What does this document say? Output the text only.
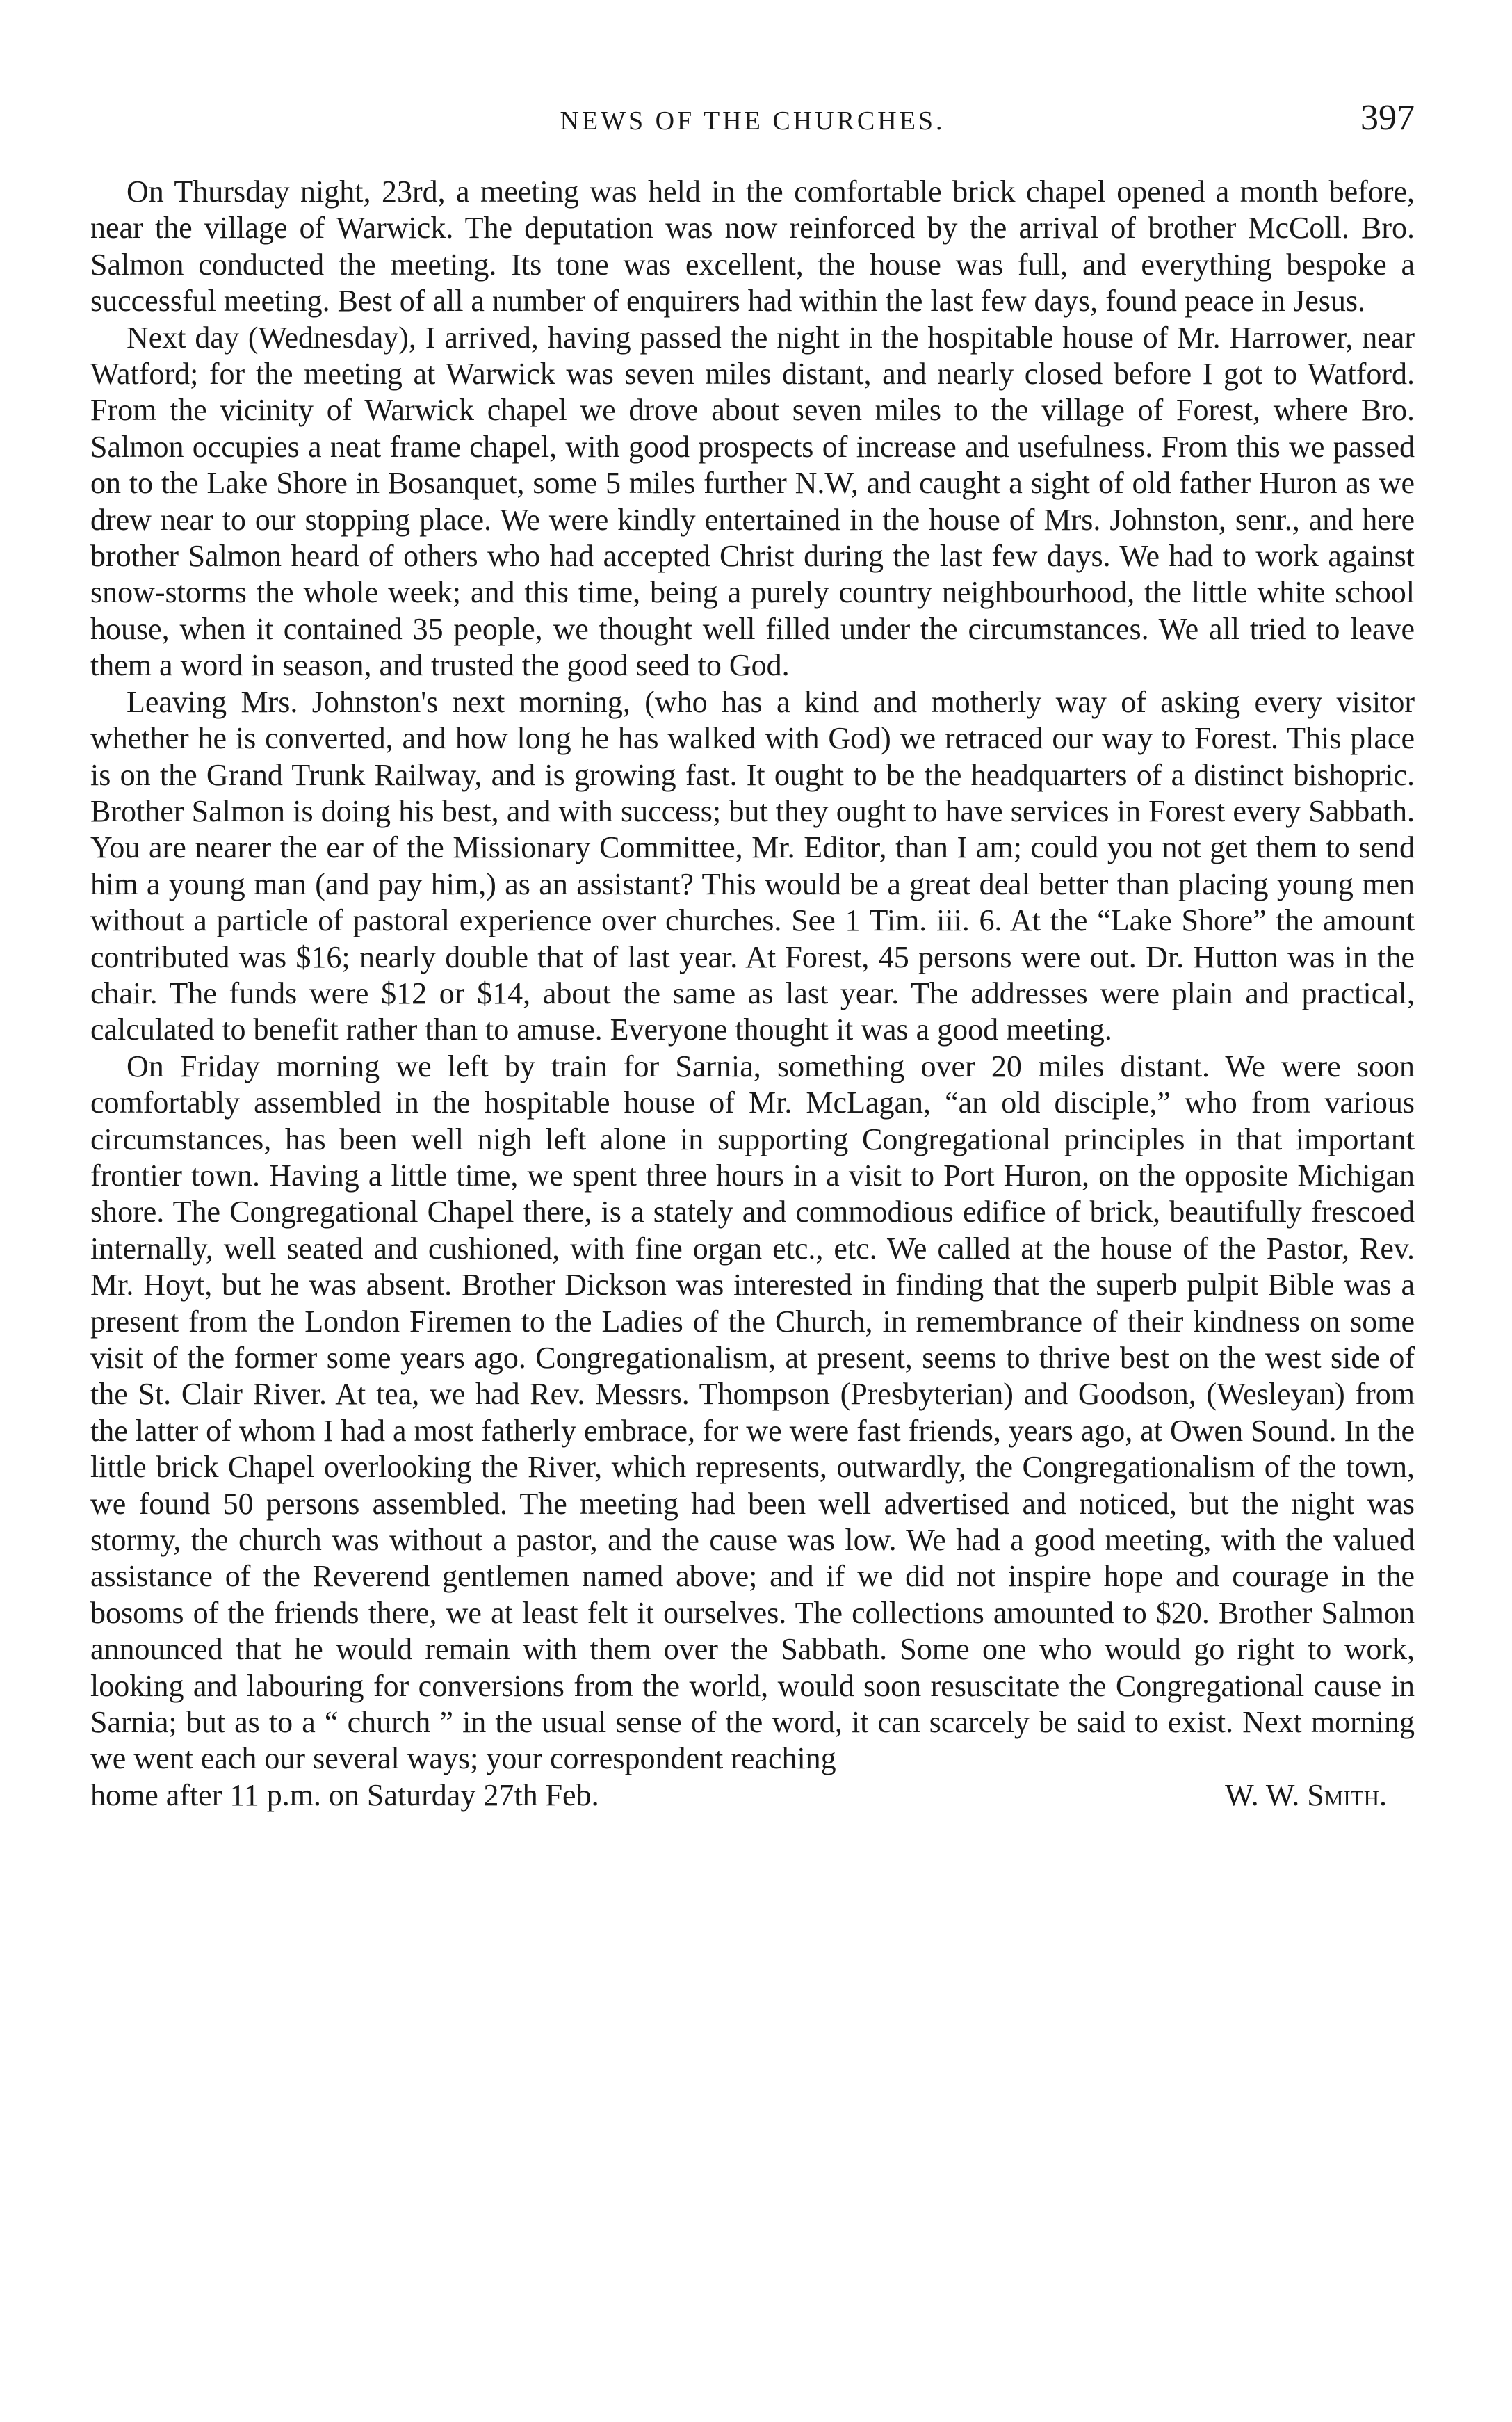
NEWS OF THE CHURCHES.	397

On Thursday night, 23rd, a meeting was held in the comfortable brick chapel opened a month before, near the village of Warwick. The deputation was now reinforced by the arrival of brother McColl. Bro. Salmon conducted the meeting. Its tone was excellent, the house was full, and everything bespoke a successful meeting. Best of all a number of enquirers had within the last few days, found peace in Jesus.

Next day (Wednesday), I arrived, having passed the night in the hospitable house of Mr. Harrower, near Watford; for the meeting at Warwick was seven miles distant, and nearly closed before I got to Watford. From the vicinity of Warwick chapel we drove about seven miles to the village of Forest, where Bro. Salmon occupies a neat frame chapel, with good prospects of increase and usefulness. From this we passed on to the Lake Shore in Bosanquet, some 5 miles further N.W, and caught a sight of old father Huron as we drew near to our stopping place. We were kindly entertained in the house of Mrs. Johnston, senr., and here brother Salmon heard of others who had accepted Christ during the last few days. We had to work against snow-storms the whole week; and this time, being a purely country neighbourhood, the little white school house, when it contained 35 people, we thought well filled under the circumstances. We all tried to leave them a word in season, and trusted the good seed to God.

Leaving Mrs. Johnston's next morning, (who has a kind and motherly way of asking every visitor whether he is converted, and how long he has walked with God) we retraced our way to Forest. This place is on the Grand Trunk Railway, and is growing fast. It ought to be the headquarters of a distinct bishopric. Brother Salmon is doing his best, and with success; but they ought to have services in Forest every Sabbath. You are nearer the ear of the Missionary Committee, Mr. Editor, than I am; could you not get them to send him a young man (and pay him,) as an assistant? This would be a great deal better than placing young men without a particle of pastoral experience over churches. See 1 Tim. iii. 6. At the “Lake Shore” the amount contributed was $16; nearly double that of last year. At Forest, 45 persons were out. Dr. Hutton was in the chair. The funds were $12 or $14, about the same as last year. The addresses were plain and practical, calculated to benefit rather than to amuse. Everyone thought it was a good meeting.

On Friday morning we left by train for Sarnia, something over 20 miles distant. We were soon comfortably assembled in the hospitable house of Mr. McLagan, “an old disciple,” who from various circumstances, has been well nigh left alone in supporting Congregational principles in that important frontier town. Having a little time, we spent three hours in a visit to Port Huron, on the opposite Michigan shore. The Congregational Chapel there, is a stately and commodious edifice of brick, beautifully frescoed internally, well seated and cushioned, with fine organ etc., etc. We called at the house of the Pastor, Rev. Mr. Hoyt, but he was absent. Brother Dickson was interested in finding that the superb pulpit Bible was a present from the London Firemen to the Ladies of the Church, in remembrance of their kindness on some visit of the former some years ago. Congregationalism, at present, seems to thrive best on the west side of the St. Clair River. At tea, we had Rev. Messrs. Thompson (Presbyterian) and Goodson, (Wesleyan) from the latter of whom I had a most fatherly embrace, for we were fast friends, years ago, at Owen Sound. In the little brick Chapel overlooking the River, which represents, outwardly, the Congregationalism of the town, we found 50 persons assembled. The meeting had been well advertised and noticed, but the night was stormy, the church was without a pastor, and the cause was low. We had a good meeting, with the valued assistance of the Reverend gentlemen named above; and if we did not inspire hope and courage in the bosoms of the friends there, we at least felt it ourselves. The collections amounted to $20. Brother Salmon announced that he would remain with them over the Sabbath. Some one who would go right to work, looking and labouring for conversions from the world, would soon resuscitate the Congregational cause in Sarnia; but as to a “ church ” in the usual sense of the word, it can scarcely be said to exist. Next morning we went each our several ways; your correspondent reaching

home after 11 p.m. on Saturday 27th Feb.	W. W. Smith.
